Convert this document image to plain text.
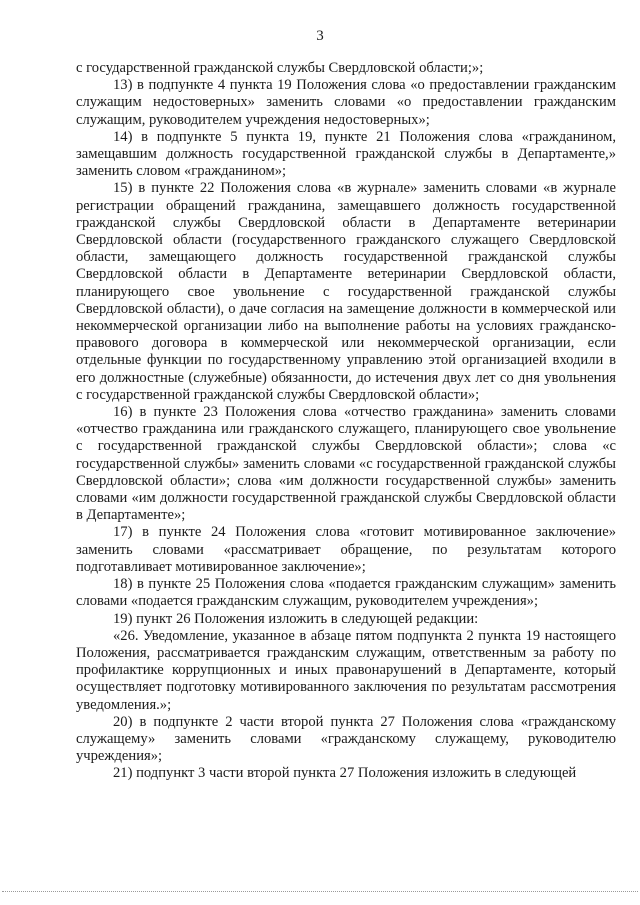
3

с государственной гражданской службы Свердловской области;»;

13) в подпункте 4 пункта 19 Положения слова «о предоставлении гражданским служащим недостоверных» заменить словами «о предоставлении гражданским служащим, руководителем учреждения недостоверных»;

14) в подпункте 5 пункта 19, пункте 21 Положения слова «гражданином, замещавшим должность государственной гражданской службы в Департаменте,» заменить словом «гражданином»;

15) в пункте 22 Положения слова «в журнале» заменить словами «в журнале регистрации обращений гражданина, замещавшего должность государственной гражданской службы Свердловской области в Департаменте ветеринарии Свердловской области (государственного гражданского служащего Свердловской области, замещающего должность государственной гражданской службы Свердловской области в Департаменте ветеринарии Свердловской области, планирующего свое увольнение с государственной гражданской службы Свердловской области), о даче согласия на замещение должности в коммерческой или некоммерческой организации либо на выполнение работы на условиях гражданско-правового договора в коммерческой или некоммерческой организации, если отдельные функции по государственному управлению этой организацией входили в его должностные (служебные) обязанности, до истечения двух лет со дня увольнения с государственной гражданской службы Свердловской области»;

16) в пункте 23 Положения слова «отчество гражданина» заменить словами «отчество гражданина или гражданского служащего, планирующего свое увольнение с государственной гражданской службы Свердловской области»; слова «с государственной службы» заменить словами «с государственной гражданской службы Свердловской области»; слова «им должности государственной службы» заменить словами «им должности государственной гражданской службы Свердловской области в Департаменте»;

17) в пункте 24 Положения слова «готовит мотивированное заключение» заменить словами «рассматривает обращение, по результатам которого подготавливает мотивированное заключение»;

18) в пункте 25 Положения слова «подается гражданским служащим» заменить словами «подается гражданским служащим, руководителем учреждения»;

19) пункт 26 Положения изложить в следующей редакции:

«26. Уведомление, указанное в абзаце пятом подпункта 2 пункта 19 настоящего Положения, рассматривается гражданским служащим, ответственным за работу по профилактике коррупционных и иных правонарушений в Департаменте, который осуществляет подготовку мотивированного заключения по результатам рассмотрения уведомления.»;

20) в подпункте 2 части второй пункта 27 Положения слова «гражданскому служащему» заменить словами «гражданскому служащему, руководителю учреждения»;

21) подпункт 3 части второй пункта 27 Положения изложить в следующей
